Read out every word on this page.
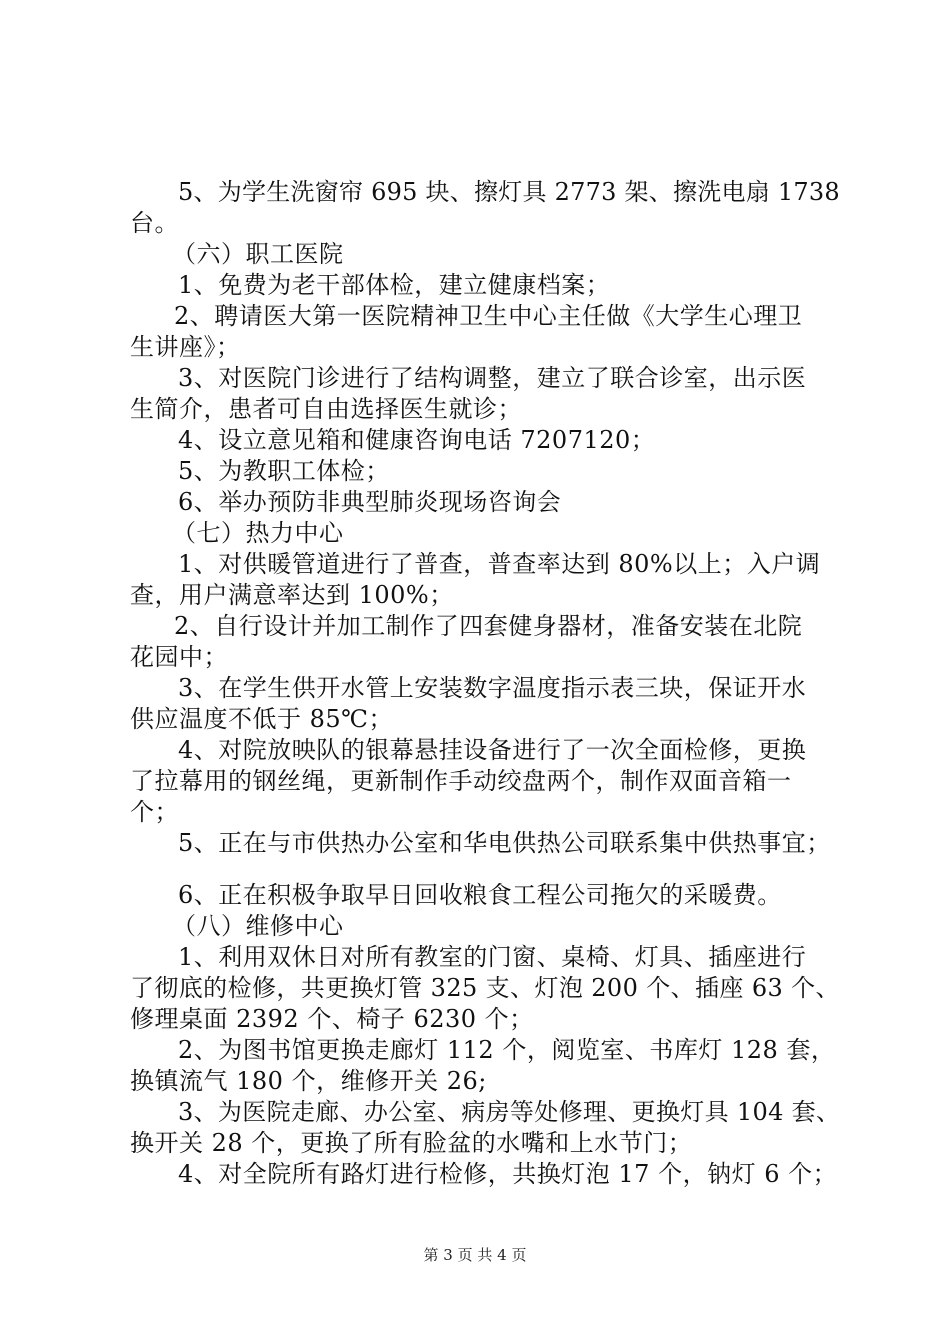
5、为学生洗窗帘 695 块、擦灯具 2773 架、擦洗电扇 1738
台。
（六）职工医院
1、免费为老干部体检，建立健康档案；
2、聘请医大第一医院精神卫生中心主任做《大学生心理卫
生讲座》；
3、对医院门诊进行了结构调整，建立了联合诊室，出示医
生简介，患者可自由选择医生就诊；
4、设立意见箱和健康咨询电话 7207120；
5、为教职工体检；
6、举办预防非典型肺炎现场咨询会
（七）热力中心
1、对供暖管道进行了普查，普查率达到 80%以上；入户调
查，用户满意率达到 100%；
2、自行设计并加工制作了四套健身器材，准备安装在北院
花园中；
3、在学生供开水管上安装数字温度指示表三块，保证开水
供应温度不低于 85℃；
4、对院放映队的银幕悬挂设备进行了一次全面检修，更换
了拉幕用的钢丝绳，更新制作手动绞盘两个，制作双面音箱一
个；
5、正在与市供热办公室和华电供热公司联系集中供热事宜；
6、正在积极争取早日回收粮食工程公司拖欠的采暖费。
（八）维修中心
1、利用双休日对所有教室的门窗、桌椅、灯具、插座进行
了彻底的检修，共更换灯管 325 支、灯泡 200 个、插座 63 个、
修理桌面 2392 个、椅子 6230 个；
2、为图书馆更换走廊灯 112 个，阅览室、书库灯 128 套，
换镇流气 180 个，维修开关 26;
3、为医院走廊、办公室、病房等处修理、更换灯具 104 套、
换开关 28 个，更换了所有脸盆的水嘴和上水节门；
4、对全院所有路灯进行检修，共换灯泡 17 个，钠灯 6 个；
第 3 页 共 4 页
